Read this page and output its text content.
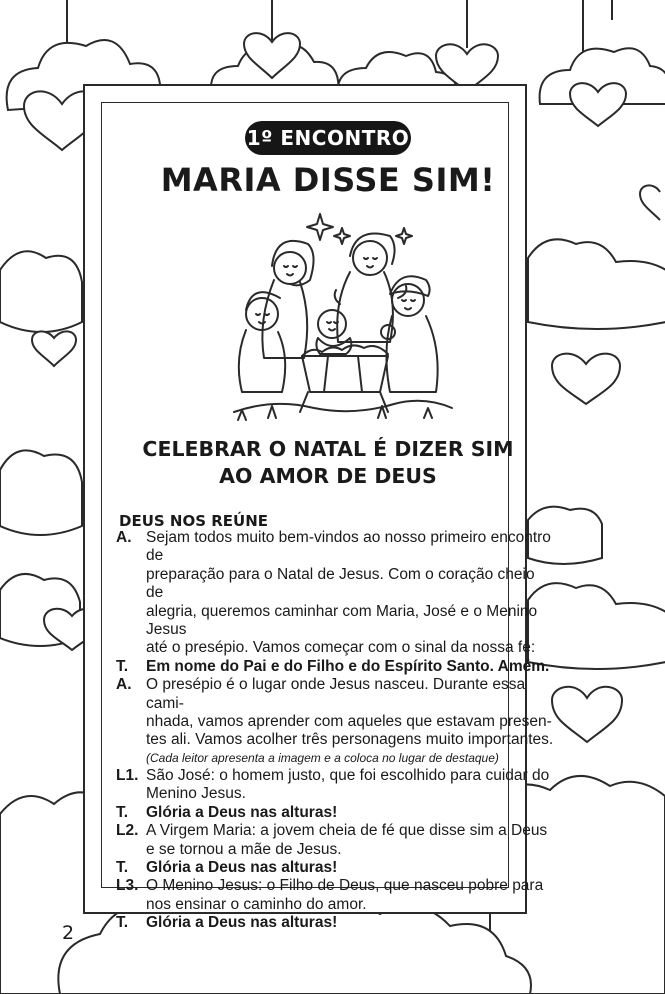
1º ENCONTRO
MARIA DISSE SIM!
CELEBRAR O NATAL É DIZER SIM
AO AMOR DE DEUS
DEUS NOS REÚNE
A. Sejam todos muito bem-vindos ao nosso primeiro encontro de
preparação para o Natal de Jesus. Com o coração cheio de
alegria, queremos caminhar com Maria, José e o Menino Jesus
até o presépio. Vamos começar com o sinal da nossa fé:
T.	Em nome do Pai e do Filho e do Espírito Santo. Amém.
A. O presépio é o lugar onde Jesus nasceu. Durante essa cami-
nhada, vamos aprender com aqueles que estavam presen-
tes ali. Vamos acolher três personagens muito importantes.
(Cada leitor apresenta a imagem e a coloca no lugar de destaque)
L1. São José: o homem justo, que foi escolhido para cuidar do
Menino Jesus.
T.	Glória a Deus nas alturas!
L2. A Virgem Maria: a jovem cheia de fé que disse sim a Deus
e se tornou a mãe de Jesus.
T.	Glória a Deus nas alturas!
L3. O Menino Jesus: o Filho de Deus, que nasceu pobre para
nos ensinar o caminho do amor.
T.	Glória a Deus nas alturas!
2
